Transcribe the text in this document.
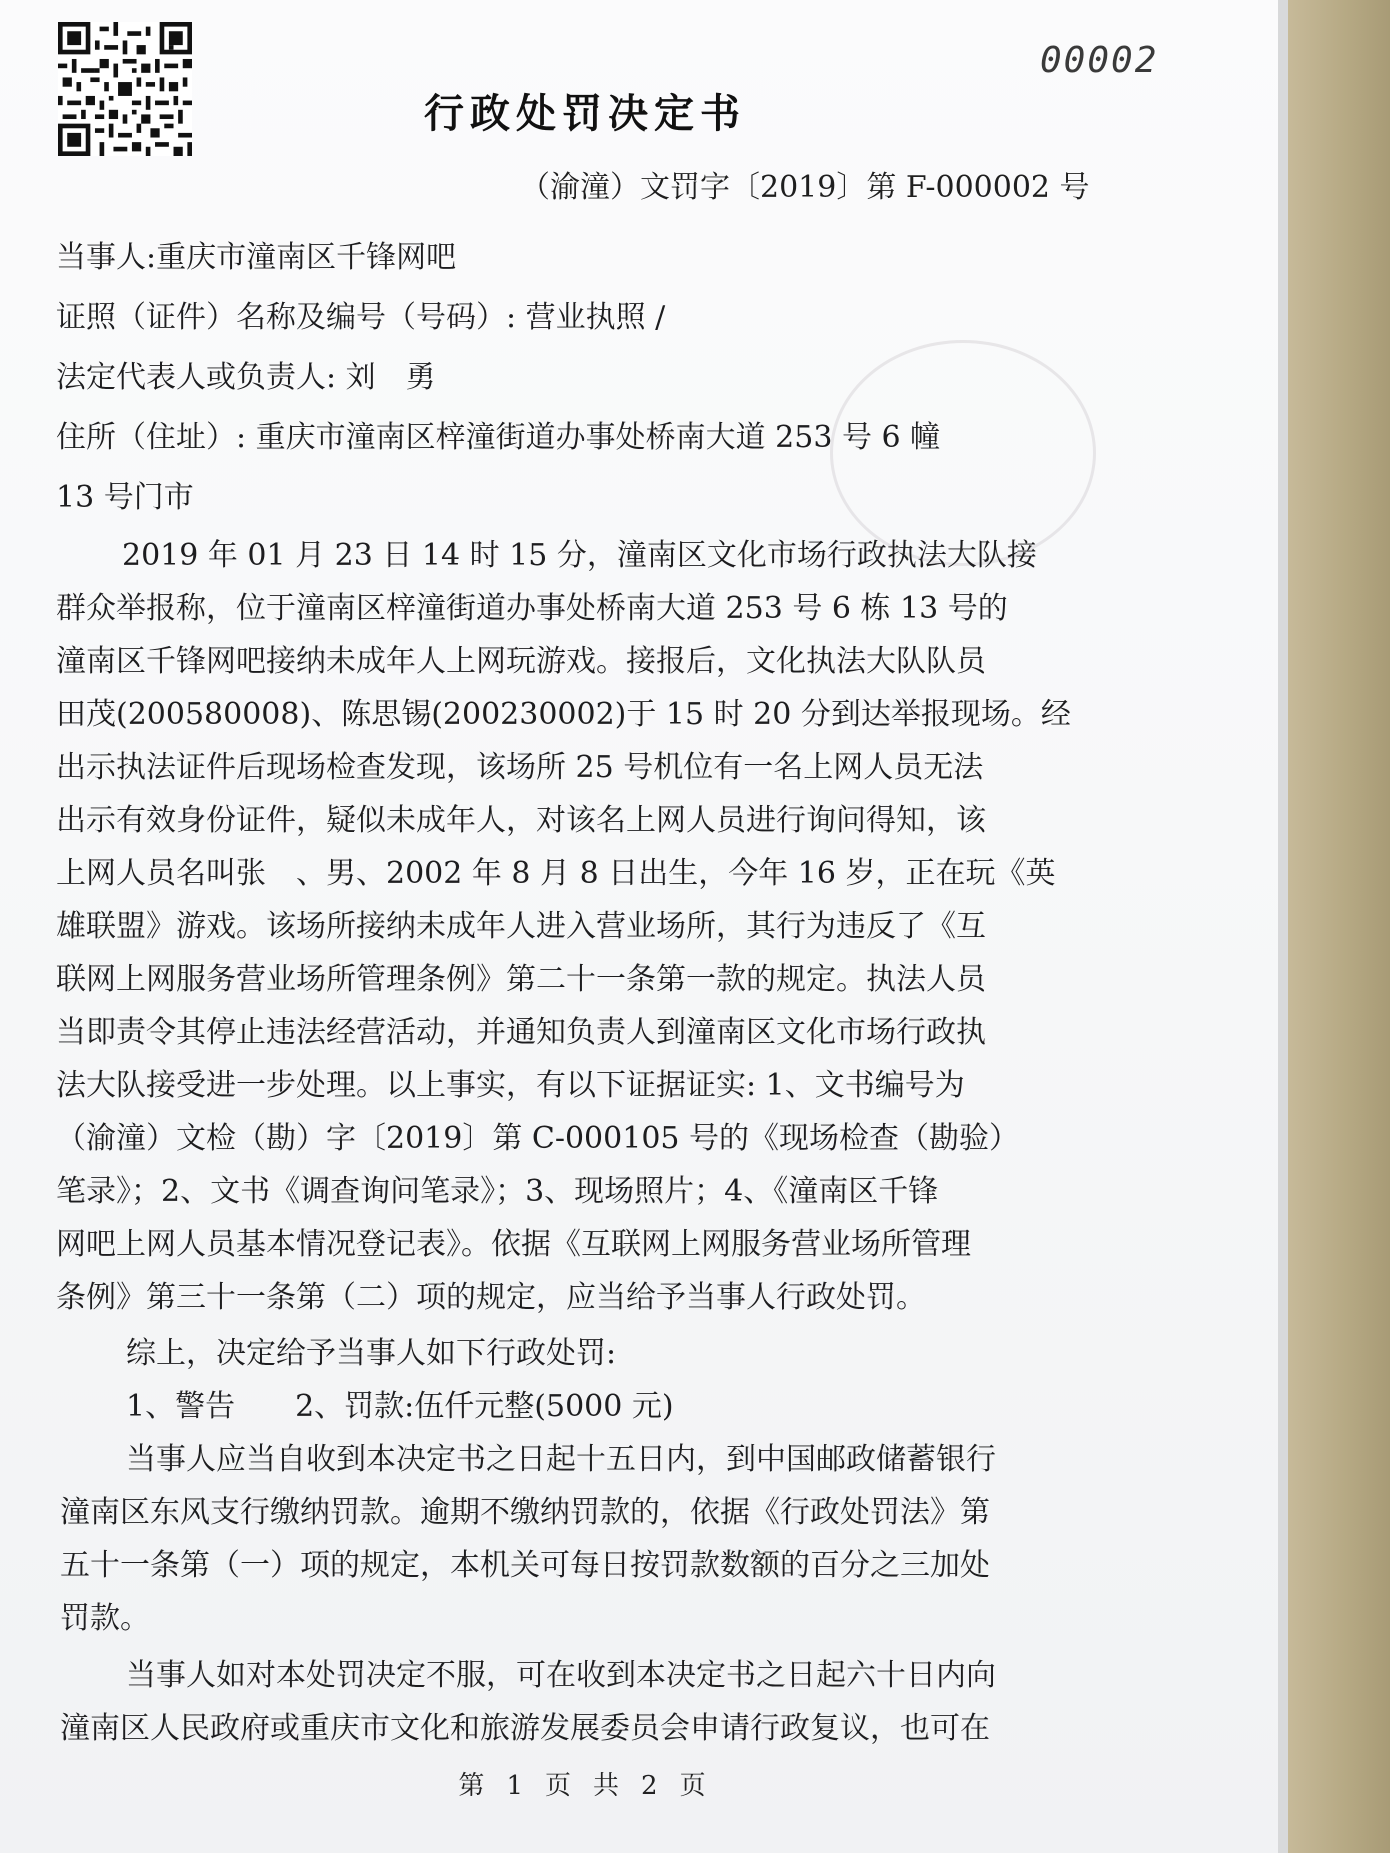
00002
行政处罚决定书
（渝潼）文罚字〔2019〕第 F-000002 号
当事人:重庆市潼南区千锋网吧
证照（证件）名称及编号（号码）: 营业执照 /
法定代表人或负责人: 刘　勇
住所（住址）: 重庆市潼南区梓潼街道办事处桥南大道 253 号 6 幢
13 号门市
2019 年 01 月 23 日 14 时 15 分，潼南区文化市场行政执法大队接
群众举报称，位于潼南区梓潼街道办事处桥南大道 253 号 6 栋 13 号的
潼南区千锋网吧接纳未成年人上网玩游戏。接报后，文化执法大队队员
田茂(200580008)、陈思锡(200230002)于 15 时 20 分到达举报现场。经
出示执法证件后现场检查发现，该场所 25 号机位有一名上网人员无法
出示有效身份证件，疑似未成年人，对该名上网人员进行询问得知，该
上网人员名叫张　、男、2002 年 8 月 8 日出生，今年 16 岁，正在玩《英
雄联盟》游戏。该场所接纳未成年人进入营业场所，其行为违反了《互
联网上网服务营业场所管理条例》第二十一条第一款的规定。执法人员
当即责令其停止违法经营活动，并通知负责人到潼南区文化市场行政执
法大队接受进一步处理。以上事实，有以下证据证实: 1、文书编号为
（渝潼）文检（勘）字〔2019〕第 C-000105 号的《现场检查（勘验）
笔录》；2、文书《调查询问笔录》；3、现场照片；4、《潼南区千锋
网吧上网人员基本情况登记表》。依据《互联网上网服务营业场所管理
条例》第三十一条第（二）项的规定，应当给予当事人行政处罚。
综上，决定给予当事人如下行政处罚:
1、警告　　2、罚款:伍仟元整(5000 元)
当事人应当自收到本决定书之日起十五日内，到中国邮政储蓄银行
潼南区东风支行缴纳罚款。逾期不缴纳罚款的，依据《行政处罚法》第
五十一条第（一）项的规定，本机关可每日按罚款数额的百分之三加处
罚款。
当事人如对本处罚决定不服，可在收到本决定书之日起六十日内向
潼南区人民政府或重庆市文化和旅游发展委员会申请行政复议，也可在
第 1 页 共 2 页
